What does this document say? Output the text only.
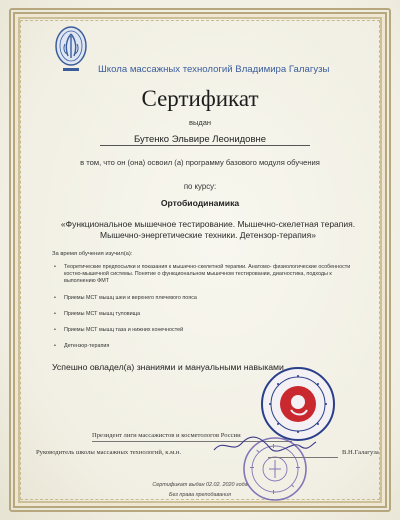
Школа массажных технологий Владимира Галагузы
Сертификат
выдан
Бутенко Эльвире Леонидовне
в том, что он (она) освоил (а) программу базового модуля обучения
по курсу:
Ортобиодинамика
«Функциональное мышечное тестирование. Мышечно-скелетная терапия. Мышечно-энергетические техники. Детензор-терапия»
За время обучения изучил(а):
• Теоретические предпосылки и показания к мышечно-скелетной терапии. Анатомо- физиологические особенности костно-мышечной системы. Понятие о функциональном мышечном тестировании, диагностика, подходы к выполнению ФМТ
• Приемы МСТ мышц шеи и верхнего плечевого пояса
• Приемы МСТ мышц туловища
• Приемы МСТ мышц таза и нижних конечностей
• Детензор-терапия
Успешно овладел(а) знаниями и мануальными навыками
Президент лиги массажистов и косметологов России
Руководитель школы массажных технологий, к.м.н.	В.Н.Галагуза
Сертификат выдан 02.02. 2020 года
Без права преподавания
